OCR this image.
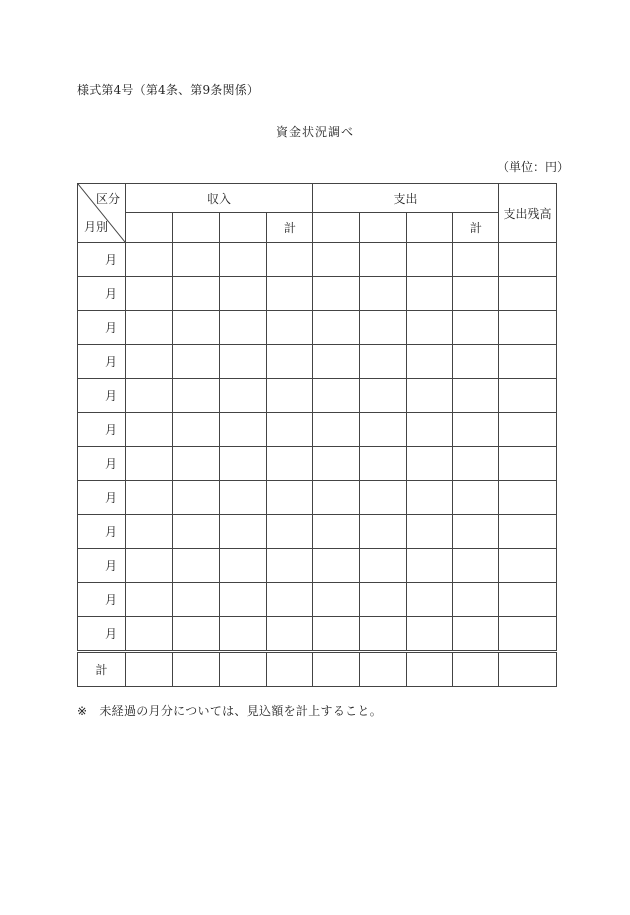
様式第4号（第4条、第9条関係）
資金状況調べ
（単位：円）
区分
月別	収入				支出				支出残高
				計				計	
月									
月									
月									
月									
月									
月									
月									
月									
月									
月									
月									
月									
計									
※ 未経過の月分については、見込額を計上すること。
